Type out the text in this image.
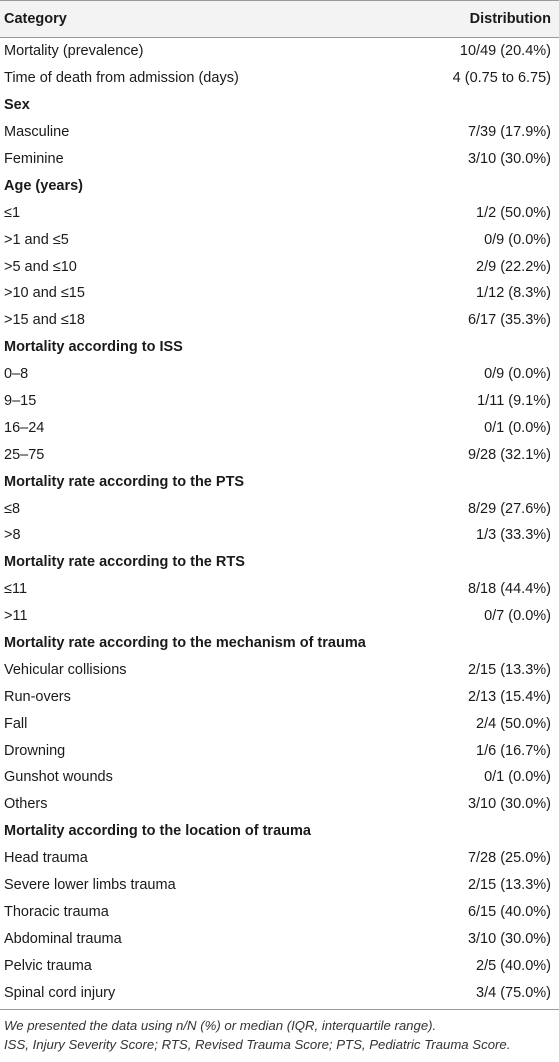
Category	Distribution
Mortality (prevalence)	10/49 (20.4%)
Time of death from admission (days)	4 (0.75 to 6.75)
Sex
Masculine	7/39 (17.9%)
Feminine	3/10 (30.0%)
Age (years)
≤1	1/2 (50.0%)
>1 and ≤5	0/9 (0.0%)
>5 and ≤10	2/9 (22.2%)
>10 and ≤15	1/12 (8.3%)
>15 and ≤18	6/17 (35.3%)
Mortality according to ISS
0–8	0/9 (0.0%)
9–15	1/11 (9.1%)
16–24	0/1 (0.0%)
25–75	9/28 (32.1%)
Mortality rate according to the PTS
≤8	8/29 (27.6%)
>8	1/3 (33.3%)
Mortality rate according to the RTS
≤11	8/18 (44.4%)
>11	0/7 (0.0%)
Mortality rate according to the mechanism of trauma
Vehicular collisions	2/15 (13.3%)
Run-overs	2/13 (15.4%)
Fall	2/4 (50.0%)
Drowning	1/6 (16.7%)
Gunshot wounds	0/1 (0.0%)
Others	3/10 (30.0%)
Mortality according to the location of trauma
Head trauma	7/28 (25.0%)
Severe lower limbs trauma	2/15 (13.3%)
Thoracic trauma	6/15 (40.0%)
Abdominal trauma	3/10 (30.0%)
Pelvic trauma	2/5 (40.0%)
Spinal cord injury	3/4 (75.0%)
We presented the data using n/N (%) or median (IQR, interquartile range).
ISS, Injury Severity Score; RTS, Revised Trauma Score; PTS, Pediatric Trauma Score.
